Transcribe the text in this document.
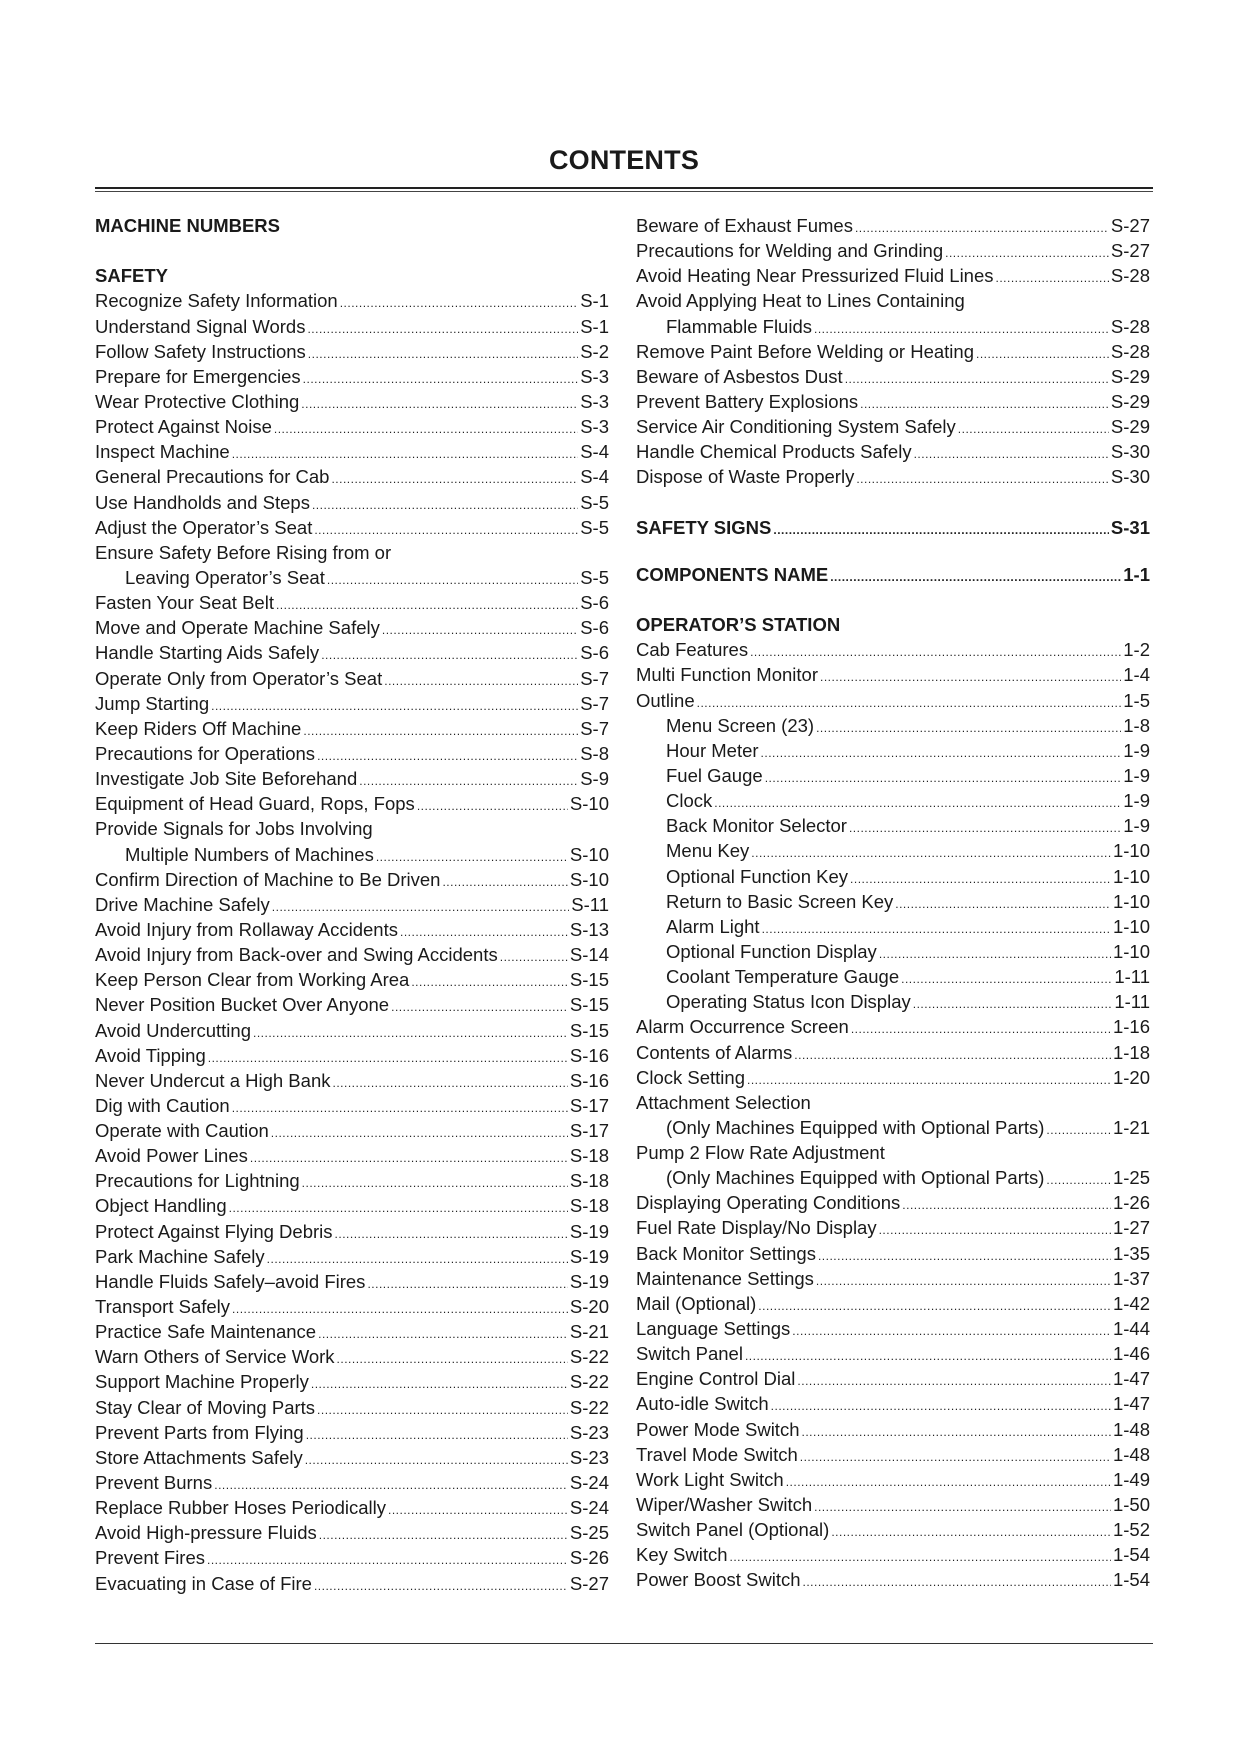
CONTENTS
MACHINE NUMBERS
SAFETY
Recognize Safety Information .....	S-1
Understand Signal Words .....	S-1
Follow Safety Instructions .....	S-2
Prepare for Emergencies .....	S-3
Wear Protective Clothing .....	S-3
Protect Against Noise .....	S-3
Inspect Machine .....	S-4
General Precautions for Cab .....	S-4
Use Handholds and Steps .....	S-5
Adjust the Operator’s Seat .....	S-5
Ensure Safety Before Rising from or
Leaving Operator’s Seat .....	S-5
Fasten Your Seat Belt .....	S-6
Move and Operate Machine Safely .....	S-6
Handle Starting Aids Safely .....	S-6
Operate Only from Operator’s Seat .....	S-7
Jump Starting .....	S-7
Keep Riders Off Machine .....	S-7
Precautions for Operations .....	S-8
Investigate Job Site Beforehand .....	S-9
Equipment of Head Guard, Rops, Fops .....	S-10
Provide Signals for Jobs Involving
Multiple Numbers of Machines .....	S-10
Confirm Direction of Machine to Be Driven .....	S-10
Drive Machine Safely .....	S-11
Avoid Injury from Rollaway Accidents .....	S-13
Avoid Injury from Back-over and Swing Accidents .....	S-14
Keep Person Clear from Working Area .....	S-15
Never Position Bucket Over Anyone .....	S-15
Avoid Undercutting .....	S-15
Avoid Tipping .....	S-16
Never Undercut a High Bank .....	S-16
Dig with Caution .....	S-17
Operate with Caution .....	S-17
Avoid Power Lines .....	S-18
Precautions for Lightning .....	S-18
Object Handling .....	S-18
Protect Against Flying Debris .....	S-19
Park Machine Safely .....	S-19
Handle Fluids Safely–avoid Fires .....	S-19
Transport Safely .....	S-20
Practice Safe Maintenance .....	S-21
Warn Others of Service Work .....	S-22
Support Machine Properly .....	S-22
Stay Clear of Moving Parts .....	S-22
Prevent Parts from Flying .....	S-23
Store Attachments Safely .....	S-23
Prevent Burns .....	S-24
Replace Rubber Hoses Periodically .....	S-24
Avoid High-pressure Fluids .....	S-25
Prevent Fires .....	S-26
Evacuating in Case of Fire .....	S-27
Beware of Exhaust Fumes .....	S-27
Precautions for Welding and Grinding .....	S-27
Avoid Heating Near Pressurized Fluid Lines .....	S-28
Avoid Applying Heat to Lines Containing
Flammable Fluids .....	S-28
Remove Paint Before Welding or Heating .....	S-28
Beware of Asbestos Dust .....	S-29
Prevent Battery Explosions .....	S-29
Service Air Conditioning System Safely .....	S-29
Handle Chemical Products Safely .....	S-30
Dispose of Waste Properly .....	S-30
SAFETY SIGNS .....	S-31
COMPONENTS NAME .....	1-1
OPERATOR’S STATION
Cab Features .....	1-2
Multi Function Monitor .....	1-4
Outline .....	1-5
Menu Screen (23) .....	1-8
Hour Meter .....	1-9
Fuel Gauge .....	1-9
Clock .....	1-9
Back Monitor Selector .....	1-9
Menu Key .....	1-10
Optional Function Key .....	1-10
Return to Basic Screen Key .....	1-10
Alarm Light .....	1-10
Optional Function Display .....	1-10
Coolant Temperature Gauge .....	1-11
Operating Status Icon Display .....	1-11
Alarm Occurrence Screen .....	1-16
Contents of Alarms .....	1-18
Clock Setting .....	1-20
Attachment Selection
(Only Machines Equipped with Optional Parts) .....	1-21
Pump 2 Flow Rate Adjustment
(Only Machines Equipped with Optional Parts) .....	1-25
Displaying Operating Conditions .....	1-26
Fuel Rate Display/No Display .....	1-27
Back Monitor Settings .....	1-35
Maintenance Settings .....	1-37
Mail (Optional) .....	1-42
Language Settings .....	1-44
Switch Panel .....	1-46
Engine Control Dial .....	1-47
Auto-idle Switch .....	1-47
Power Mode Switch .....	1-48
Travel Mode Switch .....	1-48
Work Light Switch .....	1-49
Wiper/Washer Switch .....	1-50
Switch Panel (Optional) .....	1-52
Key Switch .....	1-54
Power Boost Switch .....	1-54
